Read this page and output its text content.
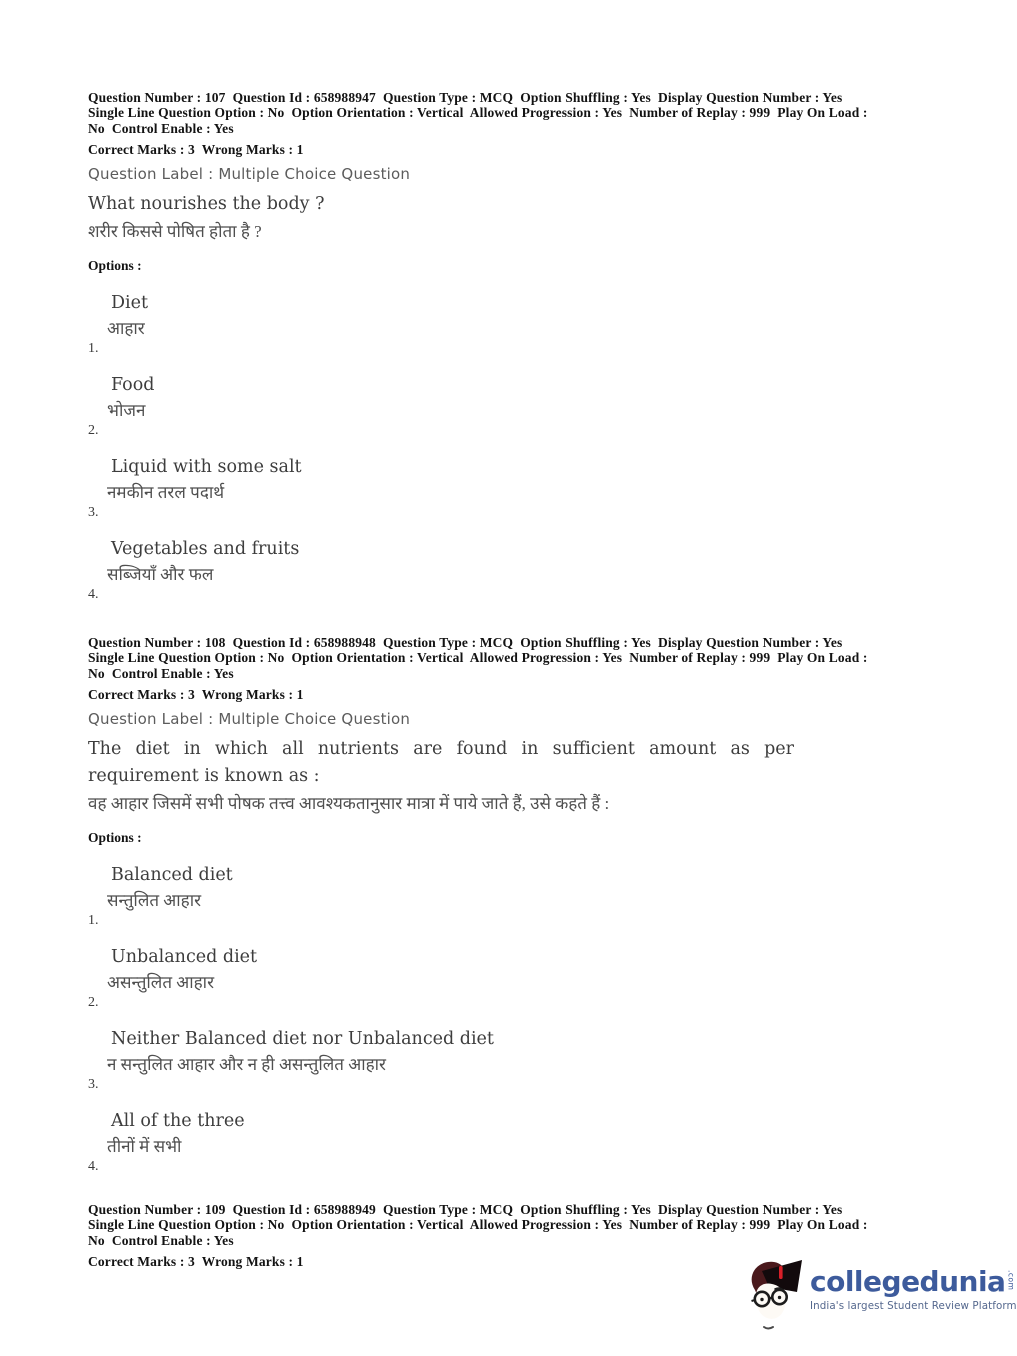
Question Number : 107  Question Id : 658988947  Question Type : MCQ  Option Shuffling : Yes  Display Question Number : Yes
Single Line Question Option : No  Option Orientation : Vertical  Allowed Progression : Yes  Number of Replay : 999  Play On Load :
No  Control Enable : Yes
Correct Marks : 3  Wrong Marks : 1
Question Label : Multiple Choice Question
What nourishes the body ?
शरीर किससे पोषित होता है ?
Options :
Diet
आहार
1.
Food
भोजन
2.
Liquid with some salt
नमकीन तरल पदार्थ
3.
Vegetables and fruits
सब्जियाँ और फल
4.
Question Number : 108  Question Id : 658988948  Question Type : MCQ  Option Shuffling : Yes  Display Question Number : Yes
Single Line Question Option : No  Option Orientation : Vertical  Allowed Progression : Yes  Number of Replay : 999  Play On Load :
No  Control Enable : Yes
Correct Marks : 3  Wrong Marks : 1
Question Label : Multiple Choice Question
The diet in which all nutrients are found in sufficient amount as per requirement is known as :
वह आहार जिसमें सभी पोषक तत्त्व आवश्यकतानुसार मात्रा में पाये जाते हैं, उसे कहते हैं :
Options :
Balanced diet
सन्तुलित आहार
1.
Unbalanced diet
असन्तुलित आहार
2.
Neither Balanced diet nor Unbalanced diet
न सन्तुलित आहार और न ही असन्तुलित आहार
3.
All of the three
तीनों में सभी
4.
Question Number : 109  Question Id : 658988949  Question Type : MCQ  Option Shuffling : Yes  Display Question Number : Yes
Single Line Question Option : No  Option Orientation : Vertical  Allowed Progression : Yes  Number of Replay : 999  Play On Load :
No  Control Enable : Yes
Correct Marks : 3  Wrong Marks : 1
collegedunia .com
India's largest Student Review Platform
